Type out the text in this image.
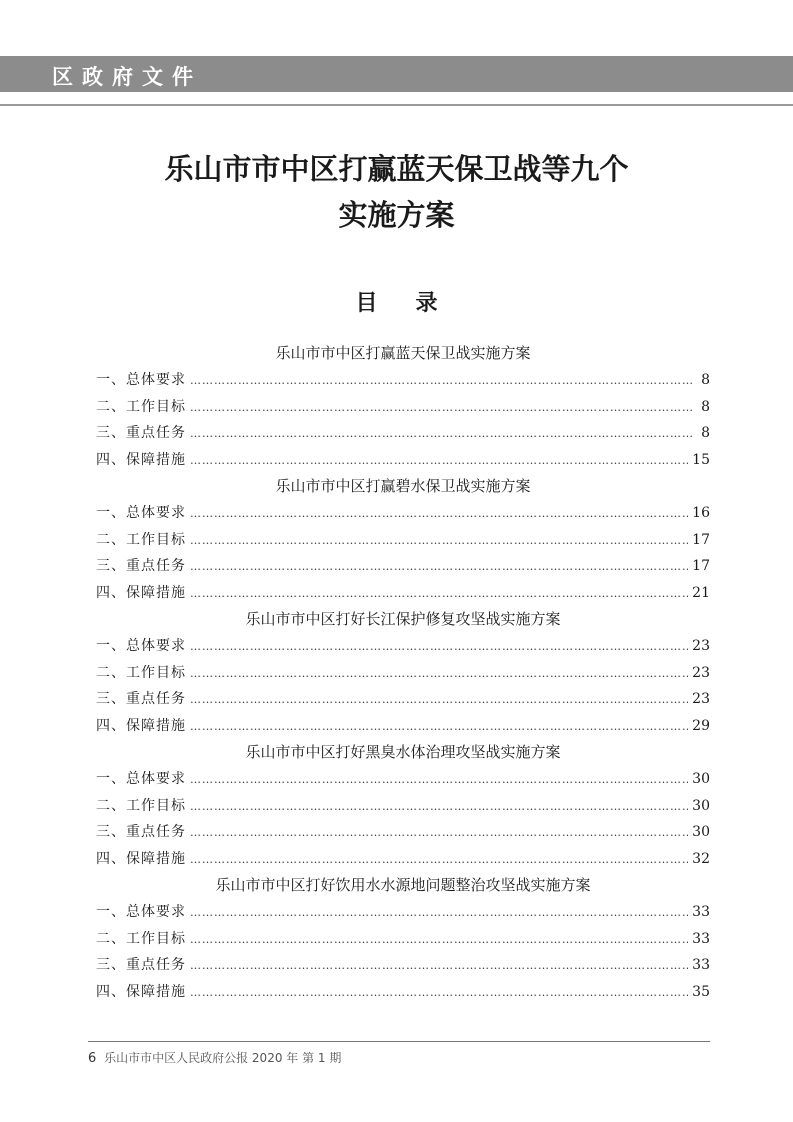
区政府文件
乐山市市中区打赢蓝天保卫战等九个
实施方案
目录
乐山市市中区打赢蓝天保卫战实施方案
一、总体要求 …………………………………………………………………………………………………………………………………………………………………………	8
二、工作目标 …………………………………………………………………………………………………………………………………………………………………………	8
三、重点任务 …………………………………………………………………………………………………………………………………………………………………………	8
四、保障措施 …………………………………………………………………………………………………………………………………………………………………………	15
乐山市市中区打赢碧水保卫战实施方案
一、总体要求 …………………………………………………………………………………………………………………………………………………………………………	16
二、工作目标 …………………………………………………………………………………………………………………………………………………………………………	17
三、重点任务 …………………………………………………………………………………………………………………………………………………………………………	17
四、保障措施 …………………………………………………………………………………………………………………………………………………………………………	21
乐山市市中区打好长江保护修复攻坚战实施方案
一、总体要求 …………………………………………………………………………………………………………………………………………………………………………	23
二、工作目标 …………………………………………………………………………………………………………………………………………………………………………	23
三、重点任务 …………………………………………………………………………………………………………………………………………………………………………	23
四、保障措施 …………………………………………………………………………………………………………………………………………………………………………	29
乐山市市中区打好黑臭水体治理攻坚战实施方案
一、总体要求 …………………………………………………………………………………………………………………………………………………………………………	30
二、工作目标 …………………………………………………………………………………………………………………………………………………………………………	30
三、重点任务 …………………………………………………………………………………………………………………………………………………………………………	30
四、保障措施 …………………………………………………………………………………………………………………………………………………………………………	32
乐山市市中区打好饮用水水源地问题整治攻坚战实施方案
一、总体要求 …………………………………………………………………………………………………………………………………………………………………………	33
二、工作目标 …………………………………………………………………………………………………………………………………………………………………………	33
三、重点任务 …………………………………………………………………………………………………………………………………………………………………………	33
四、保障措施 …………………………………………………………………………………………………………………………………………………………………………	35
6 乐山市市中区人民政府公报 2020 年 第 1 期
